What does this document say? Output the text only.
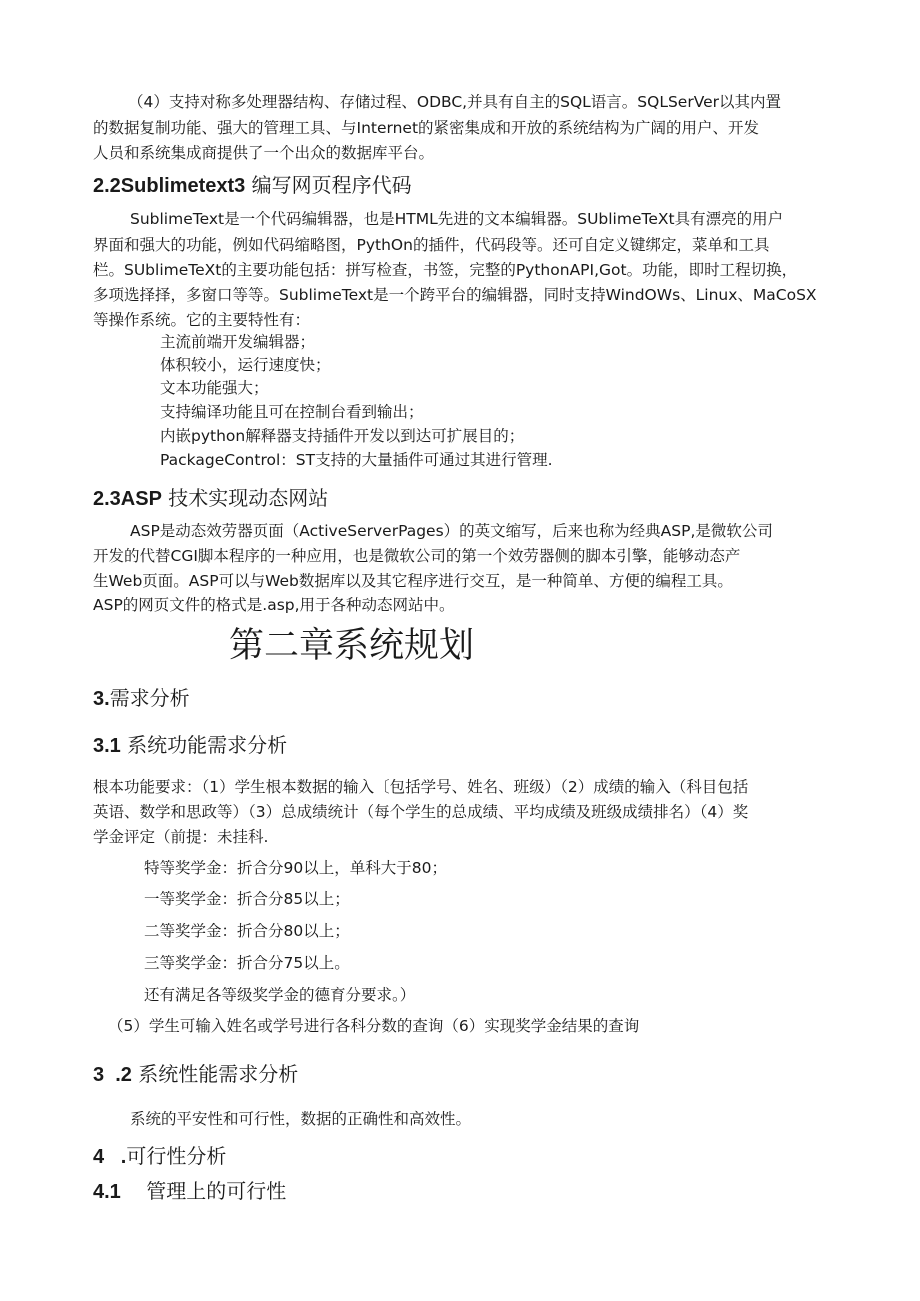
（4）支持对称多处理器结构、存储过程、ODBC,并具有自主的SQL语言。SQLSerVer以其内置
的数据复制功能、强大的管理工具、与Internet的紧密集成和开放的系统结构为广阔的用户、开发
人员和系统集成商提供了一个出众的数据库平台。
2.2Sublimetext3 编写网页程序代码
SublimeText是一个代码编辑器，也是HTML先进的文本编辑器。SUblimeTeXt具有漂亮的用户
界面和强大的功能，例如代码缩略图，PythOn的插件，代码段等。还可自定义键绑定，菜单和工具
栏。SUblimeTeXt的主要功能包括：拼写检查，书签，完整的PythonAPI,Got。功能，即时工程切换，
多项选择择，多窗口等等。SublimeText是一个跨平台的编辑器，同时支持WindOWs、Linux、MaCoSX
等操作系统。它的主要特性有：
主流前端开发编辑器；
体积较小，运行速度快；
文本功能强大；
支持编译功能且可在控制台看到输出；
内嵌python解释器支持插件开发以到达可扩展目的；
PackageControl：ST支持的大量插件可通过其进行管理.
2.3ASP 技术实现动态网站
ASP是动态效劳器页面（ActiveServerPages）的英文缩写，后来也称为经典ASP,是微软公司
开发的代替CGI脚本程序的一种应用，也是微软公司的第一个效劳器侧的脚本引擎，能够动态产
生Web页面。ASP可以与Web数据库以及其它程序进行交互，是一种简单、方便的编程工具。
ASP的网页文件的格式是.asp,用于各种动态网站中。
第二章系统规划
3.需求分析
3.1 系统功能需求分析
根本功能要求：（1）学生根本数据的输入〔包括学号、姓名、班级）（2）成绩的输入（科目包括
英语、数学和思政等）（3）总成绩统计（每个学生的总成绩、平均成绩及班级成绩排名）（4）奖
学金评定（前提：未挂科.
特等奖学金：折合分90以上，单科大于80；
一等奖学金：折合分85以上；
二等奖学金：折合分80以上；
三等奖学金：折合分75以上。
还有满足各等级奖学金的德育分要求。）
（5）学生可输入姓名或学号进行各科分数的查询（6）实现奖学金结果的查询
3  .2 系统性能需求分析
系统的平安性和可行性，数据的正确性和高效性。
4   .可行性分析
4.1    管理上的可行性
